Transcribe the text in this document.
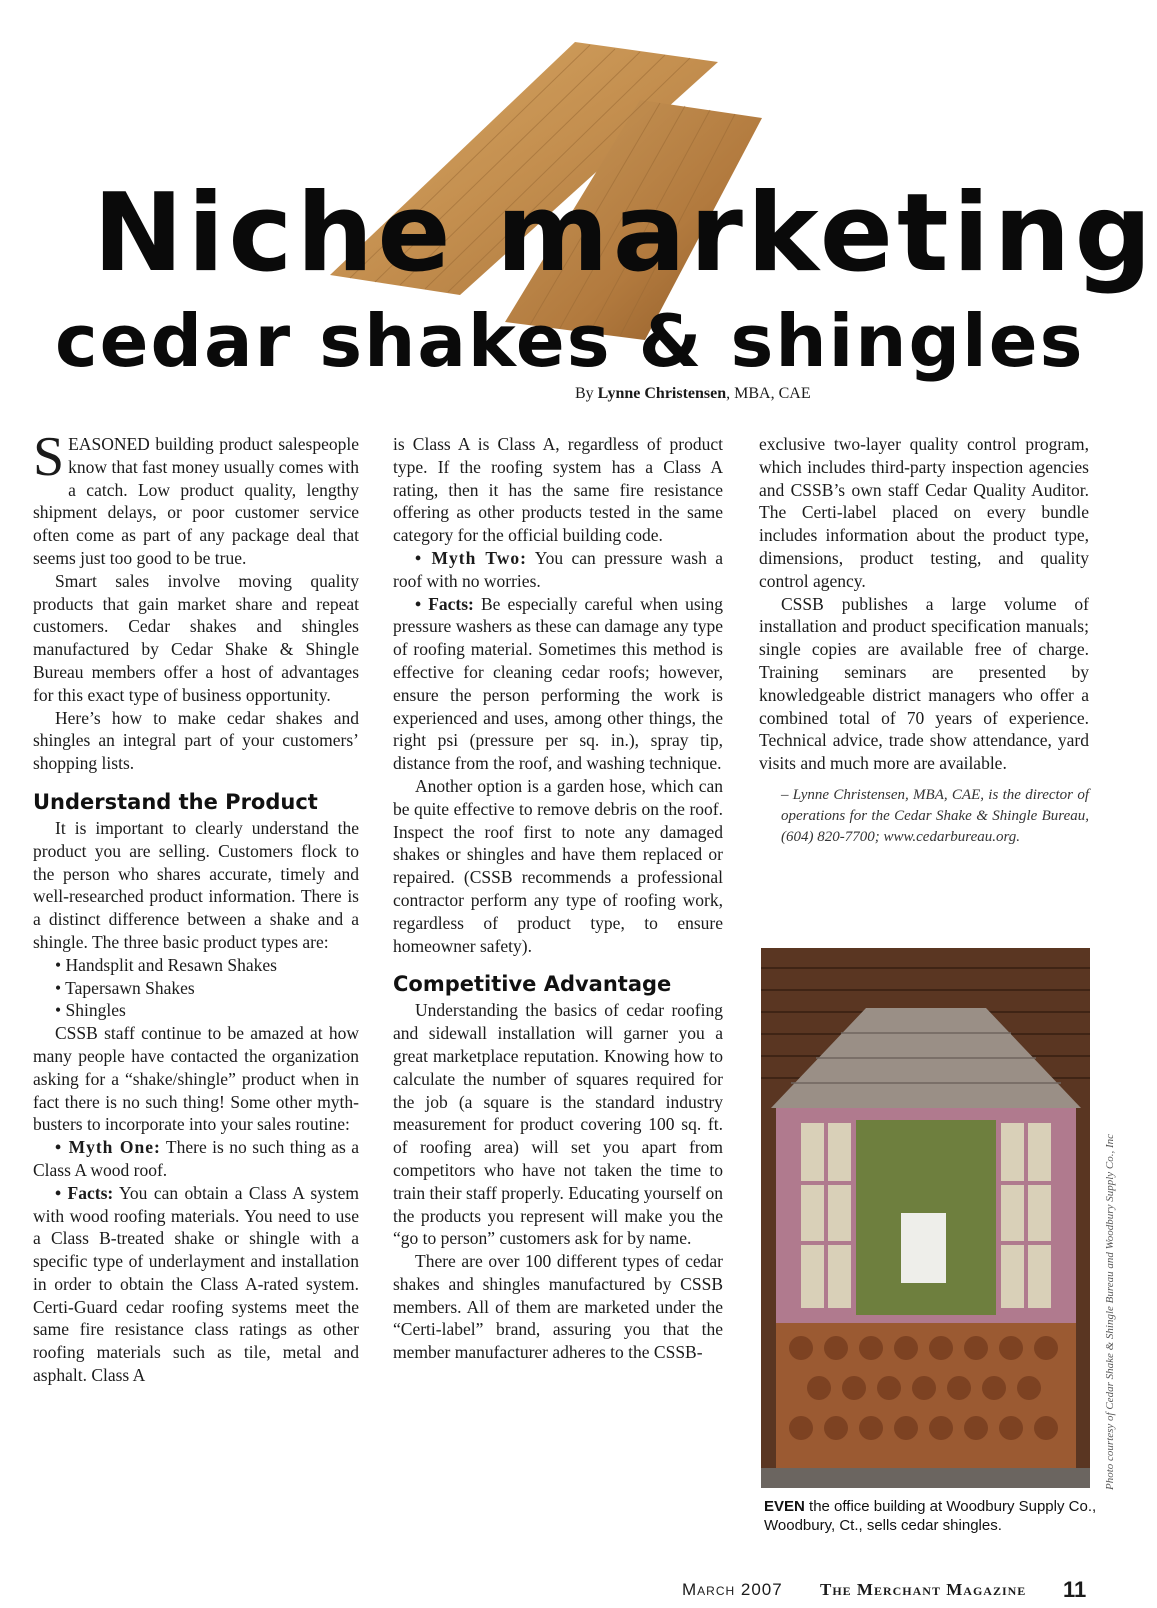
Niche marketing
cedar shakes & shingles
By Lynne Christensen, MBA, CAE

SEASONED building product salespeople know that fast money usually comes with a catch. Low product quality, lengthy shipment delays, or poor customer service often come as part of any package deal that seems just too good to be true.

Smart sales involve moving quality products that gain market share and repeat customers. Cedar shakes and shingles manufactured by Cedar Shake & Shingle Bureau members offer a host of advantages for this exact type of business opportunity.

Here’s how to make cedar shakes and shingles an integral part of your customers’ shopping lists.

Understand the Product

It is important to clearly understand the product you are selling. Customers flock to the person who shares accurate, timely and well-researched product information. There is a distinct difference between a shake and a shingle. The three basic product types are:

• Handsplit and Resawn Shakes
• Tapersawn Shakes
• Shingles

CSSB staff continue to be amazed at how many people have contacted the organization asking for a “shake/shingle” product when in fact there is no such thing! Some other myth-busters to incorporate into your sales routine:

• Myth One: There is no such thing as a Class A wood roof.

• Facts: You can obtain a Class A system with wood roofing materials. You need to use a Class B-treated shake or shingle with a specific type of underlayment and installation in order to obtain the Class A-rated system. Certi-Guard cedar roofing systems meet the same fire resistance class ratings as other roofing materials such as tile, metal and asphalt. Class A

is Class A is Class A, regardless of product type. If the roofing system has a Class A rating, then it has the same fire resistance offering as other products tested in the same category for the official building code.

• Myth Two: You can pressure wash a roof with no worries.

• Facts: Be especially careful when using pressure washers as these can damage any type of roofing material. Sometimes this method is effective for cleaning cedar roofs; however, ensure the person performing the work is experienced and uses, among other things, the right psi (pressure per sq. in.), spray tip, distance from the roof, and washing technique.

Another option is a garden hose, which can be quite effective to remove debris on the roof. Inspect the roof first to note any damaged shakes or shingles and have them replaced or repaired. (CSSB recommends a professional contractor perform any type of roofing work, regardless of product type, to ensure homeowner safety).

Competitive Advantage

Understanding the basics of cedar roofing and sidewall installation will garner you a great marketplace reputation. Knowing how to calculate the number of squares required for the job (a square is the standard industry measurement for product covering 100 sq. ft. of roofing area) will set you apart from competitors who have not taken the time to train their staff properly. Educating yourself on the products you represent will make you the “go to person” customers ask for by name.

There are over 100 different types of cedar shakes and shingles manufactured by CSSB members. All of them are marketed under the “Certi-label” brand, assuring you that the member manufacturer adheres to the CSSB-

exclusive two-layer quality control program, which includes third-party inspection agencies and CSSB’s own staff Cedar Quality Auditor. The Certi-label placed on every bundle includes information about the product type, dimensions, product testing, and quality control agency.

CSSB publishes a large volume of installation and product specification manuals; single copies are available free of charge. Training seminars are presented by knowledgeable district managers who offer a combined total of 70 years of experience. Technical advice, trade show attendance, yard visits and much more are available.

– Lynne Christensen, MBA, CAE, is the director of operations for the Cedar Shake & Shingle Bureau, (604) 820-7700; www.cedarbureau.org.
Photo courtesy of Cedar Shake & Shingle Bureau and Woodbury Supply Co., Inc
EVEN the office building at Woodbury Supply Co., Woodbury, Ct., sells cedar shingles.
March 2007 The Merchant Magazine 11
